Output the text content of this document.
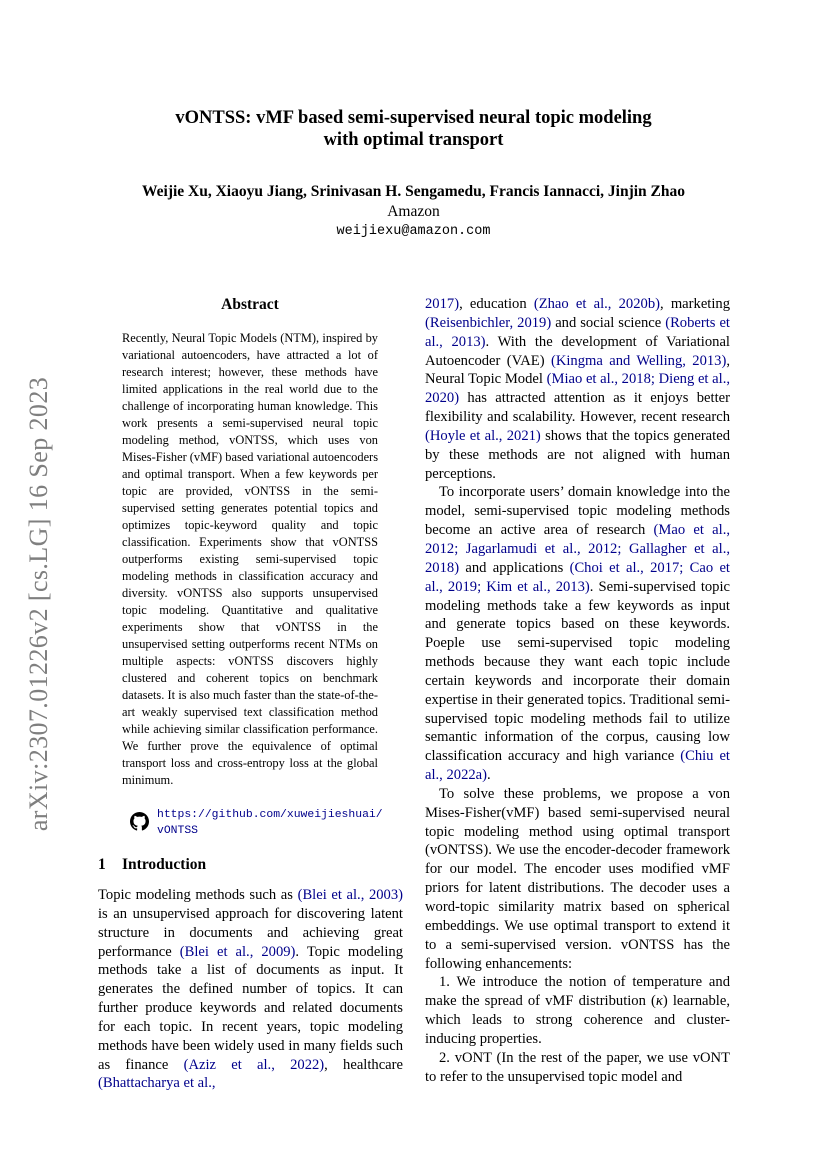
arXiv:2307.01226v2 [cs.LG] 16 Sep 2023
vONTSS: vMF based semi-supervised neural topic modeling
with optimal transport
Weijie Xu, Xiaoyu Jiang, Srinivasan H. Sengamedu, Francis Iannacci, Jinjin Zhao
Amazon
weijiexu@amazon.com
Abstract
Recently, Neural Topic Models (NTM), inspired by variational autoencoders, have attracted a lot of research interest; however, these methods have limited applications in the real world due to the challenge of incorporating human knowledge. This work presents a semi-supervised neural topic modeling method, vONTSS, which uses von Mises-Fisher (vMF) based variational autoencoders and optimal transport. When a few keywords per topic are provided, vONTSS in the semi-supervised setting generates potential topics and optimizes topic-keyword quality and topic classification. Experiments show that vONTSS outperforms existing semi-supervised topic modeling methods in classification accuracy and diversity. vONTSS also supports unsupervised topic modeling. Quantitative and qualitative experiments show that vONTSS in the unsupervised setting outperforms recent NTMs on multiple aspects: vONTSS discovers highly clustered and coherent topics on benchmark datasets. It is also much faster than the state-of-the-art weakly supervised text classification method while achieving similar classification performance. We further prove the equivalence of optimal transport loss and cross-entropy loss at the global minimum.
https://github.com/xuweijieshuai/
vONTSS
1 Introduction

Topic modeling methods such as (Blei et al., 2003) is an unsupervised approach for discovering latent structure in documents and achieving great performance (Blei et al., 2009). Topic modeling methods take a list of documents as input. It generates the defined number of topics. It can further produce keywords and related documents for each topic. In recent years, topic modeling methods have been widely used in many fields such as finance (Aziz et al., 2022), healthcare (Bhattacharya et al.,

2017), education (Zhao et al., 2020b), marketing (Reisenbichler, 2019) and social science (Roberts et al., 2013). With the development of Variational Autoencoder (VAE) (Kingma and Welling, 2013), Neural Topic Model (Miao et al., 2018; Dieng et al., 2020) has attracted attention as it enjoys better flexibility and scalability. However, recent research (Hoyle et al., 2021) shows that the topics generated by these methods are not aligned with human perceptions.

To incorporate users’ domain knowledge into the model, semi-supervised topic modeling methods become an active area of research (Mao et al., 2012; Jagarlamudi et al., 2012; Gallagher et al., 2018) and applications (Choi et al., 2017; Cao et al., 2019; Kim et al., 2013). Semi-supervised topic modeling methods take a few keywords as input and generate topics based on these keywords. Poeple use semi-supervised topic modeling methods because they want each topic include certain keywords and incorporate their domain expertise in their generated topics. Traditional semi-supervised topic modeling methods fail to utilize semantic information of the corpus, causing low classification accuracy and high variance (Chiu et al., 2022a).

To solve these problems, we propose a von Mises-Fisher(vMF) based semi-supervised neural topic modeling method using optimal transport (vONTSS). We use the encoder-decoder framework for our model. The encoder uses modified vMF priors for latent distributions. The decoder uses a word-topic similarity matrix based on spherical embeddings. We use optimal transport to extend it to a semi-supervised version. vONTSS has the following enhancements:

1. We introduce the notion of temperature and make the spread of vMF distribution (κ) learnable, which leads to strong coherence and cluster-inducing properties.

2. vONT (In the rest of the paper, we use vONT to refer to the unsupervised topic model and
